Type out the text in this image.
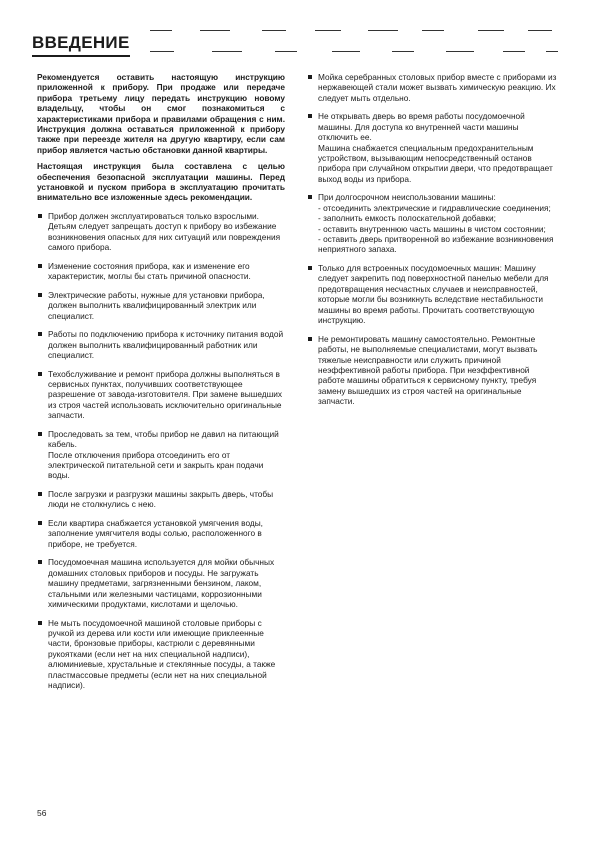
ВВЕДЕНИЕ

Рекомендуется оставить настоящую инструкцию приложенной к прибору. При продаже или передаче прибора третьему лицу передать инструкцию новому владельцу, чтобы он смог познакомиться с характеристиками прибора и правилами обращения с ним. Инструкция должна оставаться приложенной к прибору также при переезде жителя на другую квартиру, если сам прибор является частью обстановки данной квартиры.

Настоящая инструкция была составлена с целью обеспечения безопасной эксплуатации машины. Перед установкой и пуском прибора в эксплуатацию прочитать внимательно все изложенные здесь рекомендации.

Прибор должен эксплуатироваться только взрослыми. Детьям следует запрещать доступ к прибору во избежание возникновения опасных для них ситуаций или повреждения самого прибора.
Изменение состояния прибора, как и изменение его характеристик, моглы бы стать причиной опасности.
Электрические работы, нужные для установки прибора, должен выполнить квалифицированный электрик или специалист.
Работы по подключению прибора к источнику питания водой должен выполнить квалифицированный работник или специалист.
Техобслуживание и ремонт прибора должны выполняться в сервисных пунктах, получивших соответствующее разрешение от завода-изготовителя. При замене вышедших из строя частей использовать исключительно оригинальные запчасти.
Проследовать за тем, чтобы прибор не давил на питающий кабель.
После отключения прибора отсоединить его от электрической питательной сети и закрыть кран подачи воды.
После загрузки и разгрузки машины закрыть дверь, чтобы люди не столкнулись с нею.
Если квартира снабжается установкой умягчения воды, заполнение умягчителя воды солью, расположенного в приборе, не требуется.
Посудомоечная машина используется для мойки обычных домашних столовых приборов и посуды. Не загружать машину предметами, загрязненными бензином, лаком, стальными или железными частицами, коррозионными химическими продуктами, кислотами и щелочью.
Не мыть посудомоечной машиной столовые приборы с ручкой из дерева или кости или имеющие приклеенные части, бронзовые приборы, кастрюли с деревянными рукоятками (если нет на них специальной надписи), алюминиевые, хрустальные и стеклянные посуды, а также пластмассовые предметы (если нет на них специальной надписи).
Мойка серебранных столовых прибор вместе с приборами из нержавеющей стали может вызвать химическую реакцию. Их следует мыть отдельно.
Не открывать дверь во время работы посудомоечной машины. Для доступа ко внутренней части машины отключить ее.
Машина снабжается специальным предохранительным устройством, вызывающим непосредственный останов прибора при случайном открытии двери, что предотвращает выход воды из прибора.
При долгосрочном неиспользовании машины:
- отсоединить электрические и гидравлические соединения;
- заполнить емкость полоскательной добавки;
- оставить внутреннюю часть машины в чистом состоянии;
- оставить дверь притворенной во избежание возникновения неприятного запаха.
Только для встроенных посудомоечных машин: Машину следует закрепить под поверхностной панелью мебели для предотвращения несчастных случаев и неисправностей, которые могли бы возникнуть вследствие нестабильности машины во время работы. Прочитать соответствующую инструкцию.
Не ремонтировать машину самостоятельно. Ремонтные работы, не выполняемые специалистами, могут вызвать тяжелые неисправности или служить причиной неэффективной работы прибора. При неэффективной работе машины обратиться к сервисному пункту, требуя замену вышедших из строя частей на оригинальные запчасти.
56
